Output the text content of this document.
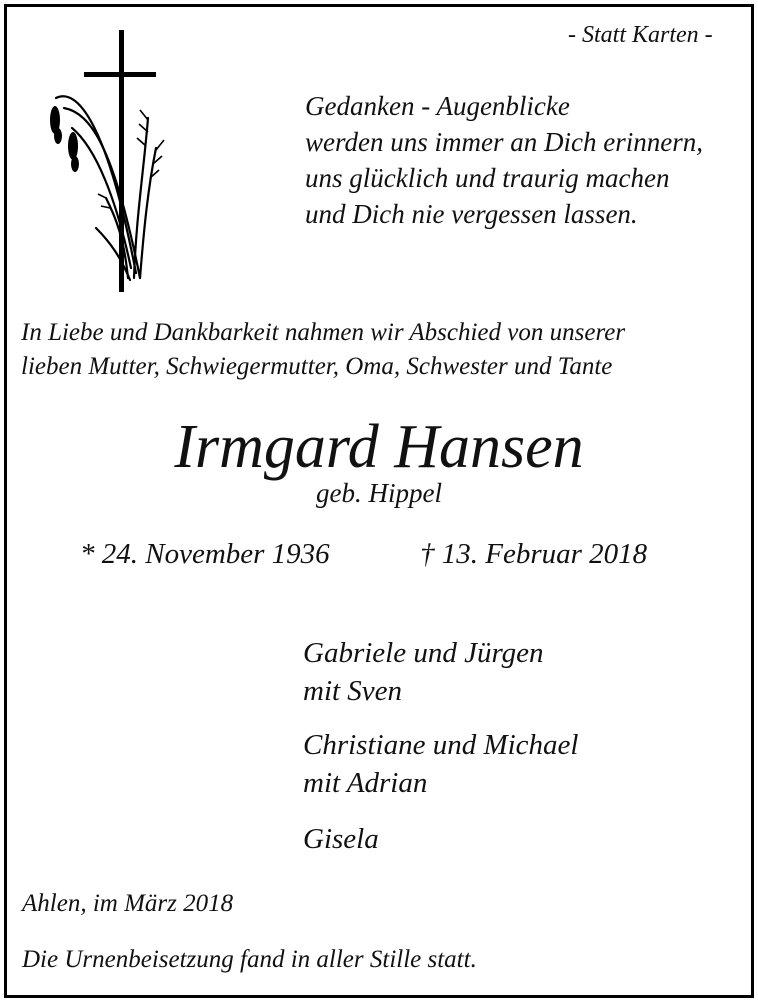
- Statt Karten -
Gedanken - Augenblicke
werden uns immer an Dich erinnern,
uns glücklich und traurig machen
und Dich nie vergessen lassen.
In Liebe und Dankbarkeit nahmen wir Abschied von unserer
lieben Mutter, Schwiegermutter, Oma, Schwester und Tante
Irmgard Hansen
geb. Hippel
* 24. November 1936	† 13. Februar 2018
Gabriele und Jürgen
mit Sven
Christiane und Michael
mit Adrian
Gisela
Ahlen, im März 2018
Die Urnenbeisetzung fand in aller Stille statt.
